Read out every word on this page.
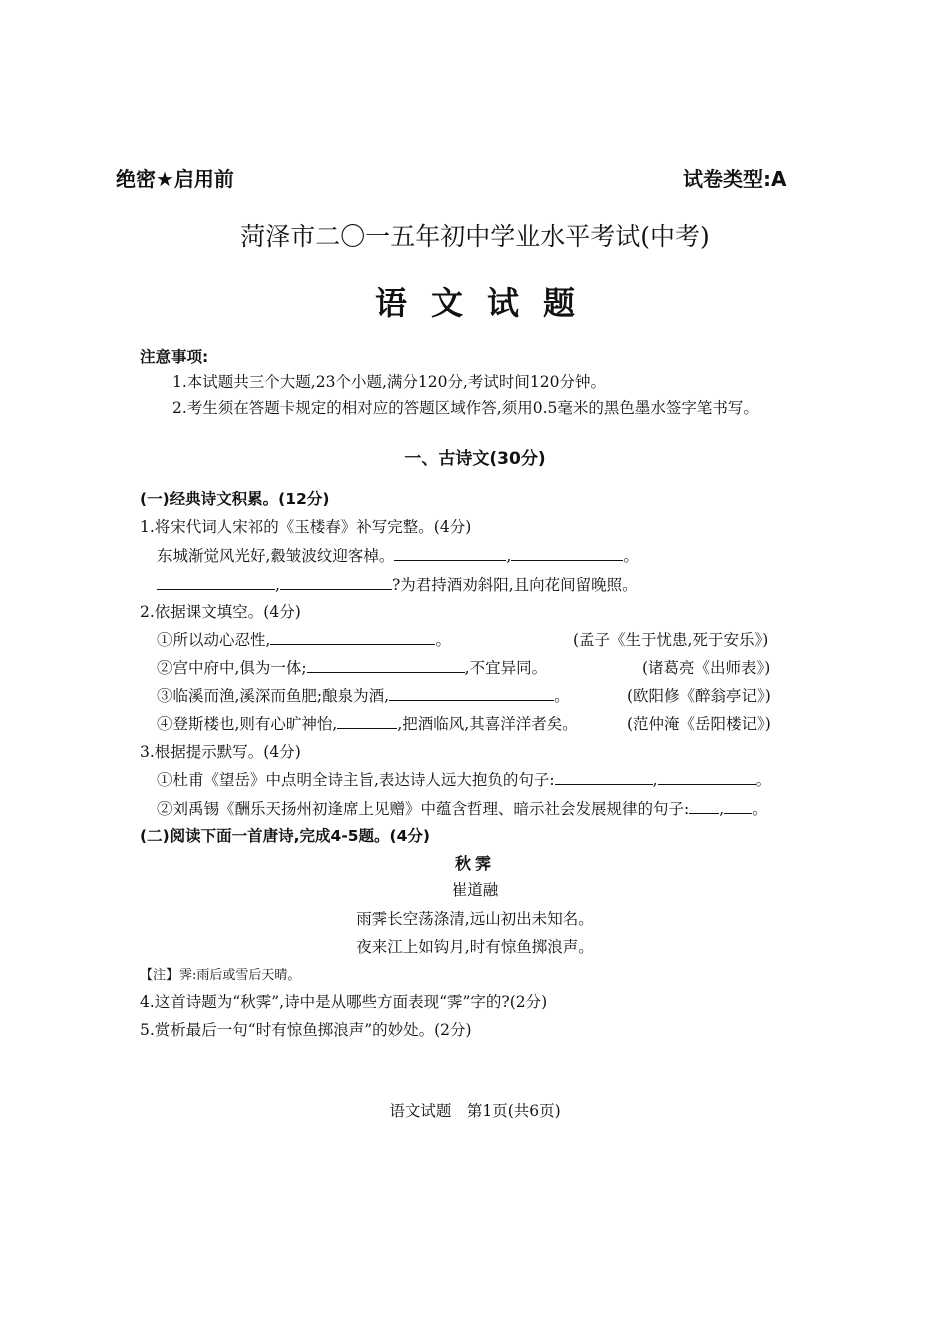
绝密★启用前	试卷类型:A
菏泽市二〇一五年初中学业水平考试(中考)
语文试题
注意事项:
1.本试题共三个大题,23个小题,满分120分,考试时间120分钟。
2.考生须在答题卡规定的相对应的答题区域作答,须用0.5毫米的黑色墨水签字笔书写。
一、古诗文(30分)
(一)经典诗文积累。(12分)
1.将宋代词人宋祁的《玉楼春》补写完整。(4分)
东城渐觉风光好,縠皱波纹迎客棹。	,	。
,	?为君持酒劝斜阳,且向花间留晚照。
2.依据课文填空。(4分)
①所以动心忍性,	。	(孟子《生于忧患,死于安乐》)
②宫中府中,俱为一体;	,不宜异同。	(诸葛亮《出师表》)
③临溪而渔,溪深而鱼肥;酿泉为酒,	。	(欧阳修《醉翁亭记》)
④登斯楼也,则有心旷神怡,	,把酒临风,其喜洋洋者矣。	(范仲淹《岳阳楼记》)
3.根据提示默写。(4分)
①杜甫《望岳》中点明全诗主旨,表达诗人远大抱负的句子:	,	。
②刘禹锡《酬乐天扬州初逢席上见赠》中蕴含哲理、暗示社会发展规律的句子: , 。
(二)阅读下面一首唐诗,完成4-5题。(4分)
秋霁
崔道融
雨霁长空荡涤清,远山初出未知名。
夜来江上如钩月,时有惊鱼掷浪声。
【注】霁:雨后或雪后天晴。
4.这首诗题为“秋霁”,诗中是从哪些方面表现“霁”字的?(2分)
5.赏析最后一句“时有惊鱼掷浪声”的妙处。(2分)
语文试题　第1页(共6页)
